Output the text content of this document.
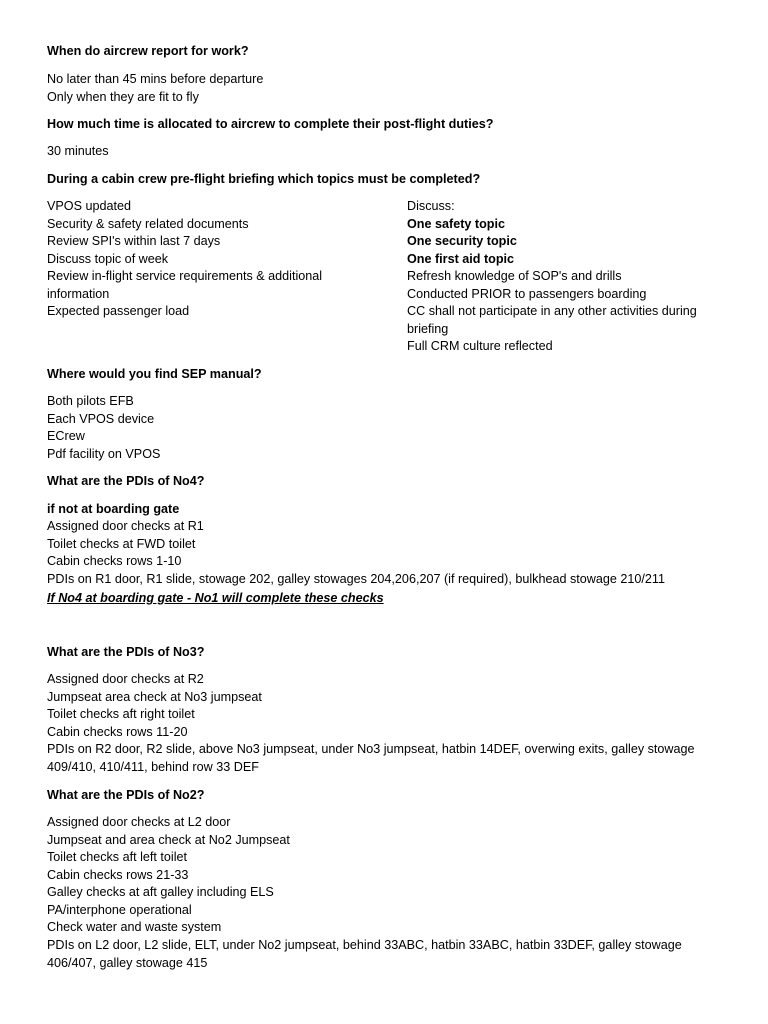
When do aircrew report for work?
No later than 45 mins before departure
Only when they are fit to fly
How much time is allocated to aircrew to complete their post-flight duties?
30 minutes
During a cabin crew pre-flight briefing which topics must be completed?
VPOS updated
Security & safety related documents
Review SPI's within last 7 days
Discuss topic of week
Review in-flight service requirements & additional
information
Expected passenger load
Discuss:
One safety topic
One security topic
One first aid topic
Refresh knowledge of SOP's and drills
Conducted PRIOR to passengers boarding
CC shall not participate in any other activities during
briefing
Full CRM culture reflected
Where would you find SEP manual?
Both pilots EFB
Each VPOS device
ECrew
Pdf facility on VPOS
What are the PDIs of No4?
if not at boarding gate
Assigned door checks at R1
Toilet checks at FWD toilet
Cabin checks rows 1-10
PDIs on R1 door, R1 slide, stowage 202, galley stowages 204,206,207 (if required), bulkhead stowage 210/211
If No4 at boarding gate - No1 will complete these checks
What are the PDIs of No3?
Assigned door checks at R2
Jumpseat area check at No3 jumpseat
Toilet checks aft right toilet
Cabin checks rows 11-20
PDIs on R2 door, R2 slide, above No3 jumpseat, under No3 jumpseat, hatbin 14DEF, overwing exits, galley stowage
409/410, 410/411, behind row 33 DEF
What are the PDIs of No2?
Assigned door checks at L2 door
Jumpseat and area check at No2 Jumpseat
Toilet checks aft left toilet
Cabin checks rows 21-33
Galley checks at aft galley including ELS
PA/interphone operational
Check water and waste system
PDIs on L2 door, L2 slide, ELT, under No2 jumpseat, behind 33ABC, hatbin 33ABC, hatbin 33DEF, galley stowage
406/407, galley stowage 415
